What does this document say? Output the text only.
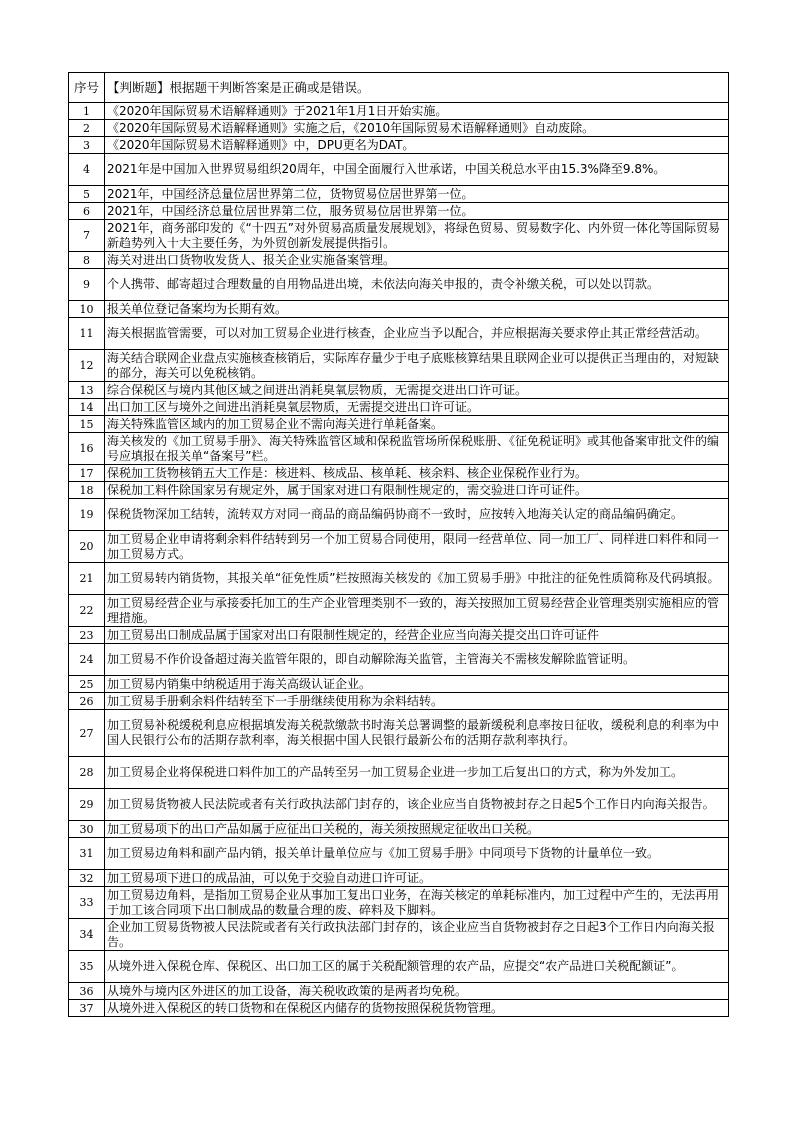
序号	【判断题】根据题干判断答案是正确或是错误。
1	《2020年国际贸易术语解释通则》于2021年1月1日开始实施。
2	《2020年国际贸易术语解释通则》实施之后，《2010年国际贸易术语解释通则》自动废除。
3	《2020年国际贸易术语解释通则》中，DPU更名为DAT。
4	2021年是中国加入世界贸易组织20周年，中国全面履行入世承诺，中国关税总水平由15.3%降至9.8%。
5	2021年，中国经济总量位居世界第二位，货物贸易位居世界第一位。
6	2021年，中国经济总量位居世界第二位，服务贸易位居世界第一位。
7	2021年，商务部印发的《“十四五”对外贸易高质量发展规划》，将绿色贸易、贸易数字化、内外贸一体化等国际贸易新趋势列入十大主要任务，为外贸创新发展提供指引。
8	海关对进出口货物收发货人、报关企业实施备案管理。
9	个人携带、邮寄超过合理数量的自用物品进出境，未依法向海关申报的，责令补缴关税，可以处以罚款。
10	报关单位登记备案均为长期有效。
11	海关根据监管需要，可以对加工贸易企业进行核查，企业应当予以配合，并应根据海关要求停止其正常经营活动。
12	海关结合联网企业盘点实施核查核销后，实际库存量少于电子底账核算结果且联网企业可以提供正当理由的，对短缺的部分，海关可以免税核销。
13	综合保税区与境内其他区域之间进出消耗臭氧层物质，无需提交进出口许可证。
14	出口加工区与境外之间进出消耗臭氧层物质，无需提交进出口许可证。
15	海关特殊监管区域内的加工贸易企业不需向海关进行单耗备案。
16	海关核发的《加工贸易手册》、海关特殊监管区域和保税监管场所保税账册、《征免税证明》或其他备案审批文件的编号应填报在报关单“备案号”栏。
17	保税加工货物核销五大工作是：核进料、核成品、核单耗、核余料、核企业保税作业行为。
18	保税加工料件除国家另有规定外，属于国家对进口有限制性规定的，需交验进口许可证件。
19	保税货物深加工结转，流转双方对同一商品的商品编码协商不一致时，应按转入地海关认定的商品编码确定。
20	加工贸易企业申请将剩余料件结转到另一个加工贸易合同使用，限同一经营单位、同一加工厂、同样进口料件和同一加工贸易方式。
21	加工贸易转内销货物，其报关单“征免性质”栏按照海关核发的《加工贸易手册》中批注的征免性质简称及代码填报。
22	加工贸易经营企业与承接委托加工的生产企业管理类别不一致的，海关按照加工贸易经营企业管理类别实施相应的管理措施。
23	加工贸易出口制成品属于国家对出口有限制性规定的，经营企业应当向海关提交出口许可证件
24	加工贸易不作价设备超过海关监管年限的，即自动解除海关监管，主管海关不需核发解除监管证明。
25	加工贸易内销集中纳税适用于海关高级认证企业。
26	加工贸易手册剩余料件结转至下一手册继续使用称为余料结转。
27	加工贸易补税缓税利息应根据填发海关税款缴款书时海关总署调整的最新缓税利息率按日征收，缓税利息的利率为中国人民银行公布的活期存款利率，海关根据中国人民银行最新公布的活期存款利率执行。
28	加工贸易企业将保税进口料件加工的产品转至另一加工贸易企业进一步加工后复出口的方式，称为外发加工。
29	加工贸易货物被人民法院或者有关行政执法部门封存的，该企业应当自货物被封存之日起5个工作日内向海关报告。
30	加工贸易项下的出口产品如属于应征出口关税的，海关须按照规定征收出口关税。
31	加工贸易边角料和副产品内销，报关单计量单位应与《加工贸易手册》中同项号下货物的计量单位一致。
32	加工贸易项下进口的成品油，可以免于交验自动进口许可证。
33	加工贸易边角料，是指加工贸易企业从事加工复出口业务，在海关核定的单耗标准内，加工过程中产生的，无法再用于加工该合同项下出口制成品的数量合理的废、碎料及下脚料。
34	企业加工贸易货物被人民法院或者有关行政执法部门封存的，该企业应当自货物被封存之日起3个工作日内向海关报告。
35	从境外进入保税仓库、保税区、出口加工区的属于关税配额管理的农产品，应提交“农产品进口关税配额证”。
36	从境外与境内区外进区的加工设备，海关税收政策的是两者均免税。
37	从境外进入保税区的转口货物和在保税区内储存的货物按照保税货物管理。
